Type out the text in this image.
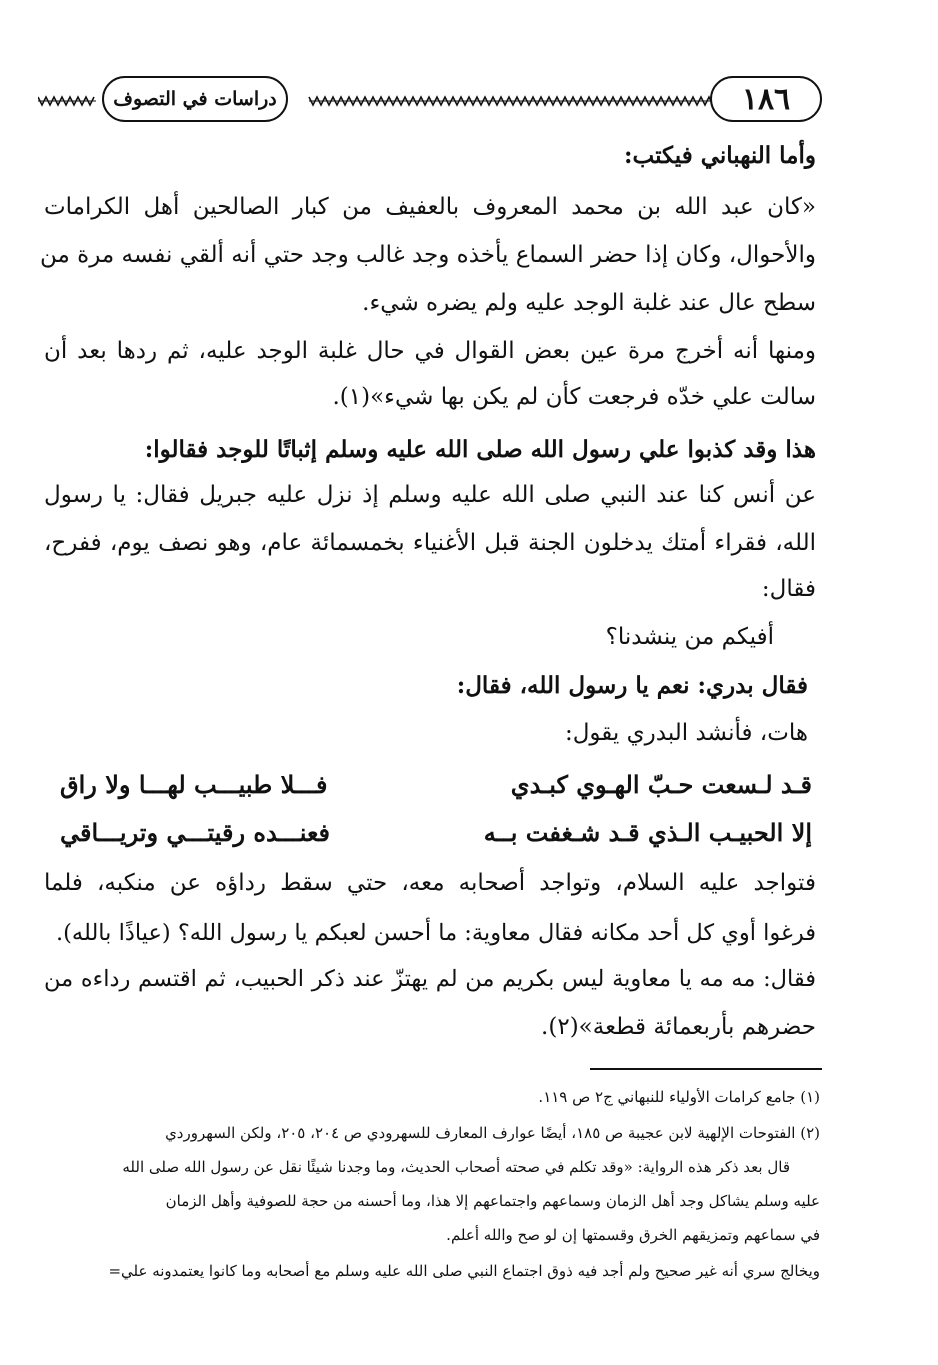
دراسات في التصوف	١٨٦
وأما النهباني فيكتب:
«كان عبد الله بن محمد المعروف بالعفيف من كبار الصالحين أهل الكرامات
والأحوال، وكان إذا حضر السماع يأخذه وجد غالب وجد حتي أنه ألقي نفسه مرة من
سطح عال عند غلبة الوجد عليه ولم يضره شيء.
ومنها أنه أخرج مرة عين بعض القوال في حال غلبة الوجد عليه، ثم ردها بعد أن
سالت علي خدّه فرجعت كأن لم يكن بها شيء»(١).
هذا وقد كذبوا علي رسول الله صلى الله عليه وسلم إثباتًا للوجد فقالوا:
عن أنس كنا عند النبي صلى الله عليه وسلم إذ نزل عليه جبريل فقال: يا رسول
الله، فقراء أمتك يدخلون الجنة قبل الأغنياء بخمسمائة عام، وهو نصف يوم، ففرح،
فقال:
أفيكم من ينشدنا؟
فقال بدري: نعم يا رسول الله، فقال:
هات، فأنشد البدري يقول:
قـد لـسعت حـبّ الهـوي كبـدي
فـــلا طبيـــب لهـــا ولا راق
إلا الحبيـب الـذي قـد شـغفت بــه
فعنـــده رقيتـــي وتريـــاقي
فتواجد عليه السلام، وتواجد أصحابه معه، حتي سقط رداؤه عن منكبه، فلما
فرغوا أوي كل أحد مكانه فقال معاوية: ما أحسن لعبكم يا رسول الله؟ (عياذًا بالله).
فقال: مه مه يا معاوية ليس بكريم من لم يهتزّ عند ذكر الحبيب، ثم اقتسم رداءه من
حضرهم بأربعمائة قطعة»(٢).
(١) جامع كرامات الأولياء للنبهاني ج٢ ص ١١٩.
(٢) الفتوحات الإلهية لابن عجيبة ص ١٨٥، أيضًا عوارف المعارف للسهرودي ص ٢٠٤، ٢٠٥، ولكن السهروردي
قال بعد ذكر هذه الرواية: «وقد تكلم في صحته أصحاب الحديث، وما وجدنا شيئًا نقل عن رسول الله صلى الله
عليه وسلم يشاكل وجد أهل الزمان وسماعهم واجتماعهم إلا هذا، وما أحسنه من حجة للصوفية وأهل الزمان
في سماعهم وتمزيقهم الخرق وقسمتها إن لو صح والله أعلم.
ويخالج سري أنه غير صحيح ولم أجد فيه ذوق اجتماع النبي صلى الله عليه وسلم مع أصحابه وما كانوا يعتمدونه علي=
